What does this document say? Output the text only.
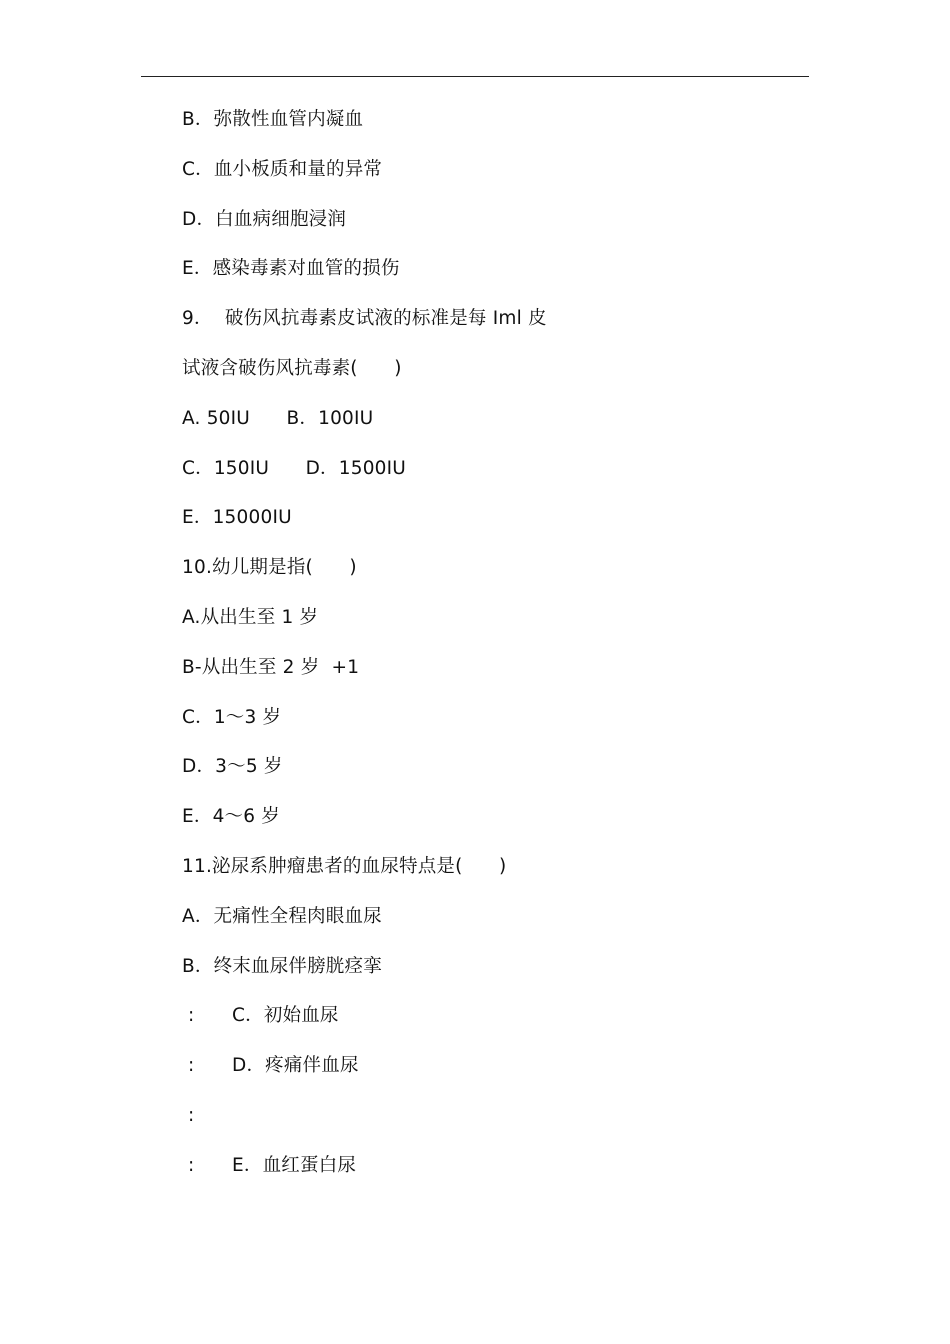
B．弥散性血管内凝血
C．血小板质和量的异常
D．白血病细胞浸润
E．感染毒素对血管的损伤
9．  破伤风抗毒素皮试液的标准是每 Iml 皮
试液含破伤风抗毒素(      )
A. 50IU      B．100IU
C．150IU      D．1500IU
E．15000IU
10.幼儿期是指(      )
A.从出生至 1 岁
B-从出生至 2 岁  +1
C．1～3 岁
D．3～5 岁
E．4～6 岁
11.泌尿系肿瘤患者的血尿特点是(      )
A．无痛性全程肉眼血尿
B．终末血尿伴膀胱痉挛
: C．初始血尿
: D．疼痛伴血尿
:
: E．血红蛋白尿
